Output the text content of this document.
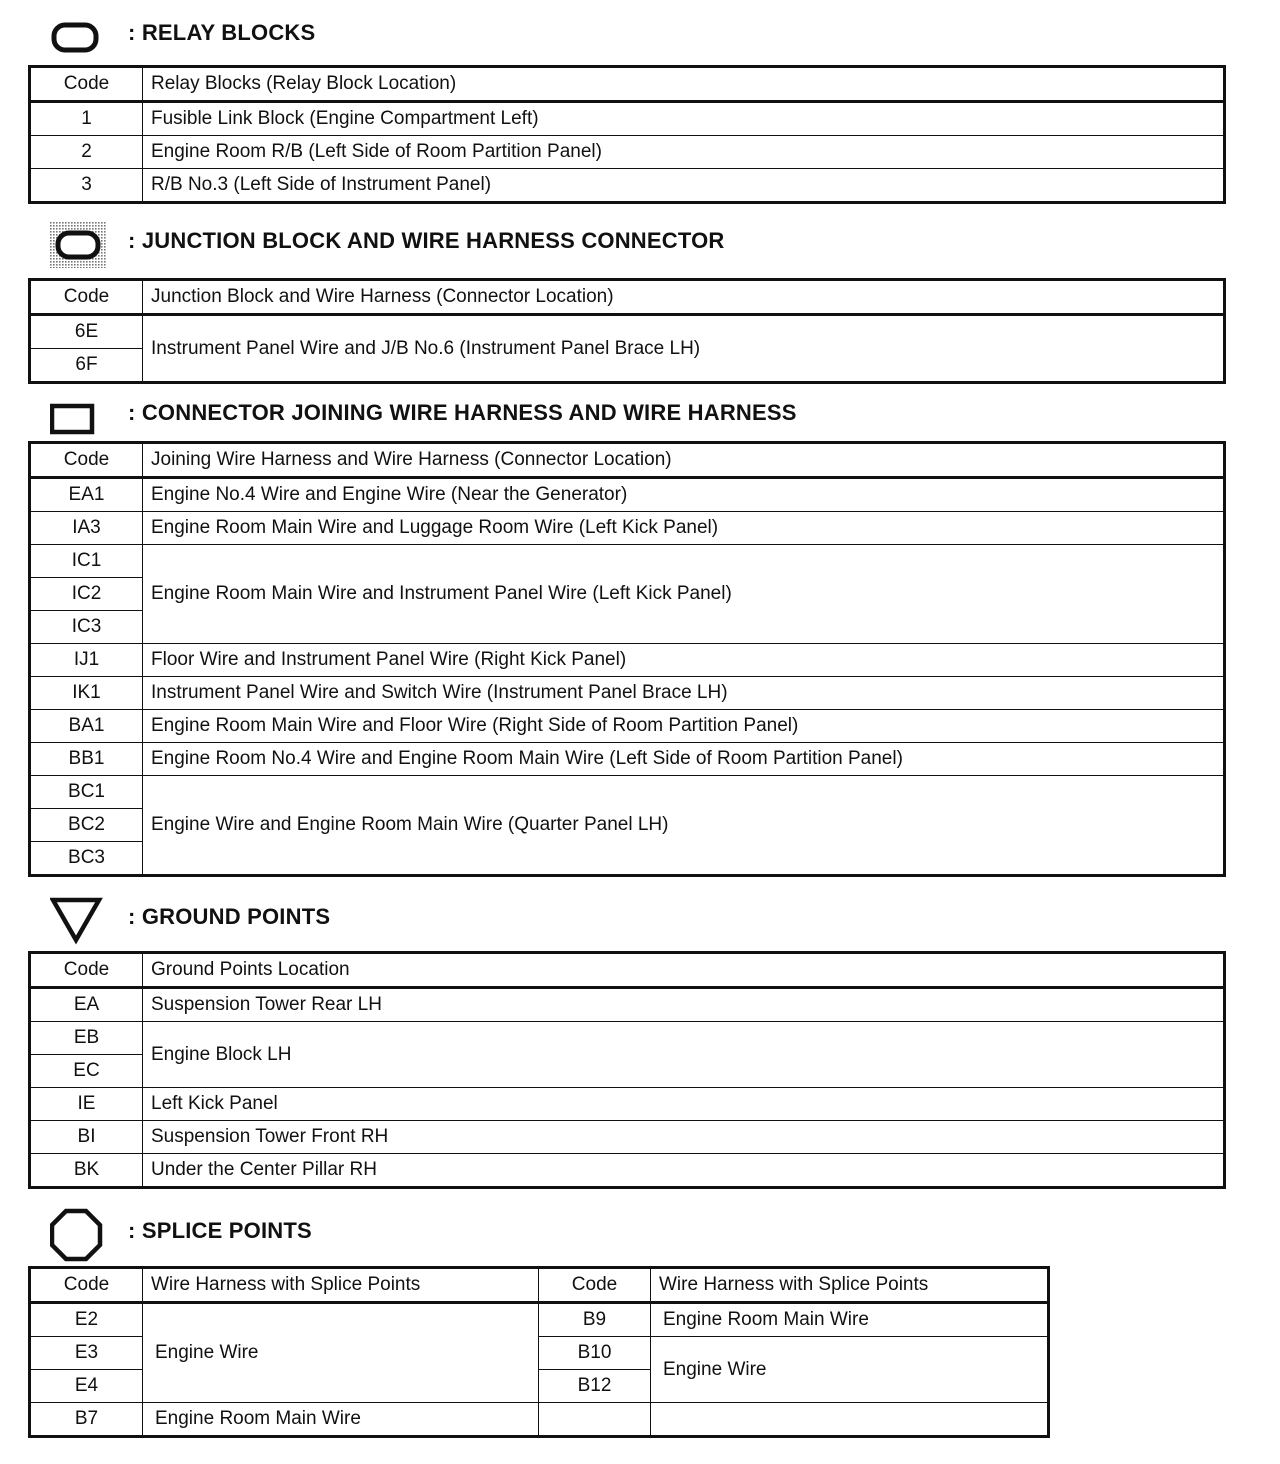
: RELAY BLOCKS
Code	Relay Blocks (Relay Block Location)
1	Fusible Link Block (Engine Compartment Left)
2	Engine Room R/B (Left Side of Room Partition Panel)
3	R/B No.3 (Left Side of Instrument Panel)
: JUNCTION BLOCK AND WIRE HARNESS CONNECTOR
Code	Junction Block and Wire Harness (Connector Location)
6E	Instrument Panel Wire and J/B No.6 (Instrument Panel Brace LH)
6F	
: CONNECTOR JOINING WIRE HARNESS AND WIRE HARNESS
Code	Joining Wire Harness and Wire Harness (Connector Location)
EA1	Engine No.4 Wire and Engine Wire (Near the Generator)
IA3	Engine Room Main Wire and Luggage Room Wire (Left Kick Panel)
IC1	Engine Room Main Wire and Instrument Panel Wire (Left Kick Panel)
IC2	
IC3	
IJ1	Floor Wire and Instrument Panel Wire (Right Kick Panel)
IK1	Instrument Panel Wire and Switch Wire (Instrument Panel Brace LH)
BA1	Engine Room Main Wire and Floor Wire (Right Side of Room Partition Panel)
BB1	Engine Room No.4 Wire and Engine Room Main Wire (Left Side of Room Partition Panel)
BC1	Engine Wire and Engine Room Main Wire (Quarter Panel LH)
BC2	
BC3	
: GROUND POINTS
Code	Ground Points Location
EA	Suspension Tower Rear LH
EB	Engine Block LH
EC	
IE	Left Kick Panel
BI	Suspension Tower Front RH
BK	Under the Center Pillar RH
: SPLICE POINTS
Code	Wire Harness with Splice Points	Code	Wire Harness with Splice Points
E2	Engine Wire	B9	Engine Room Main Wire
E3		B10	Engine Wire
E4		B12	
B7	Engine Room Main Wire		
